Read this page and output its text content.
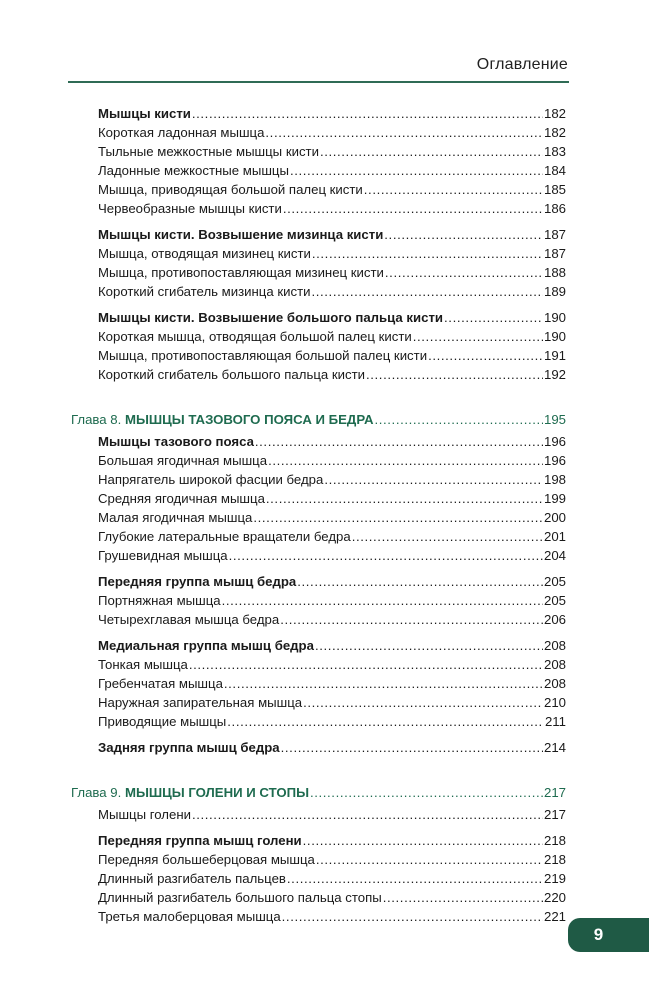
Оглавление
Мышцы кисти .....	182
Короткая ладонная мышца .....	182
Тыльные межкостные мышцы кисти .....	183
Ладонные межкостные мышцы .....	184
Мышца, приводящая большой палец кисти .....	185
Червеобразные мышцы кисти .....	186
Мышцы кисти. Возвышение мизинца кисти .....	187
Мышца, отводящая мизинец кисти .....	187
Мышца, противопоставляющая мизинец кисти .....	188
Короткий сгибатель мизинца кисти .....	189
Мышцы кисти. Возвышение большого пальца кисти .....	190
Короткая мышца, отводящая большой палец кисти .....	190
Мышца, противопоставляющая большой палец кисти .....	191
Короткий сгибатель большого пальца кисти .....	192
Глава 8. МЫШЦЫ ТАЗОВОГО ПОЯСА И БЕДРА .....	195
Мышцы тазового пояса .....	196
Большая ягодичная мышца .....	196
Напрягатель широкой фасции бедра .....	198
Средняя ягодичная мышца .....	199
Малая ягодичная мышца .....	200
Глубокие латеральные вращатели бедра .....	201
Грушевидная мышца .....	204
Передняя группа мышц бедра .....	205
Портняжная мышца .....	205
Четырехглавая мышца бедра .....	206
Медиальная группа мышц бедра .....	208
Тонкая мышца .....	208
Гребенчатая мышца .....	208
Наружная запирательная мышца .....	210
Приводящие мышцы .....	211
Задняя группа мышц бедра .....	214
Глава 9. МЫШЦЫ ГОЛЕНИ И СТОПЫ .....	217
Мышцы голени .....	217
Передняя группа мышц голени .....	218
Передняя большеберцовая мышца .....	218
Длинный разгибатель пальцев .....	219
Длинный разгибатель большого пальца стопы .....	220
Третья малоберцовая мышца .....	221
9
